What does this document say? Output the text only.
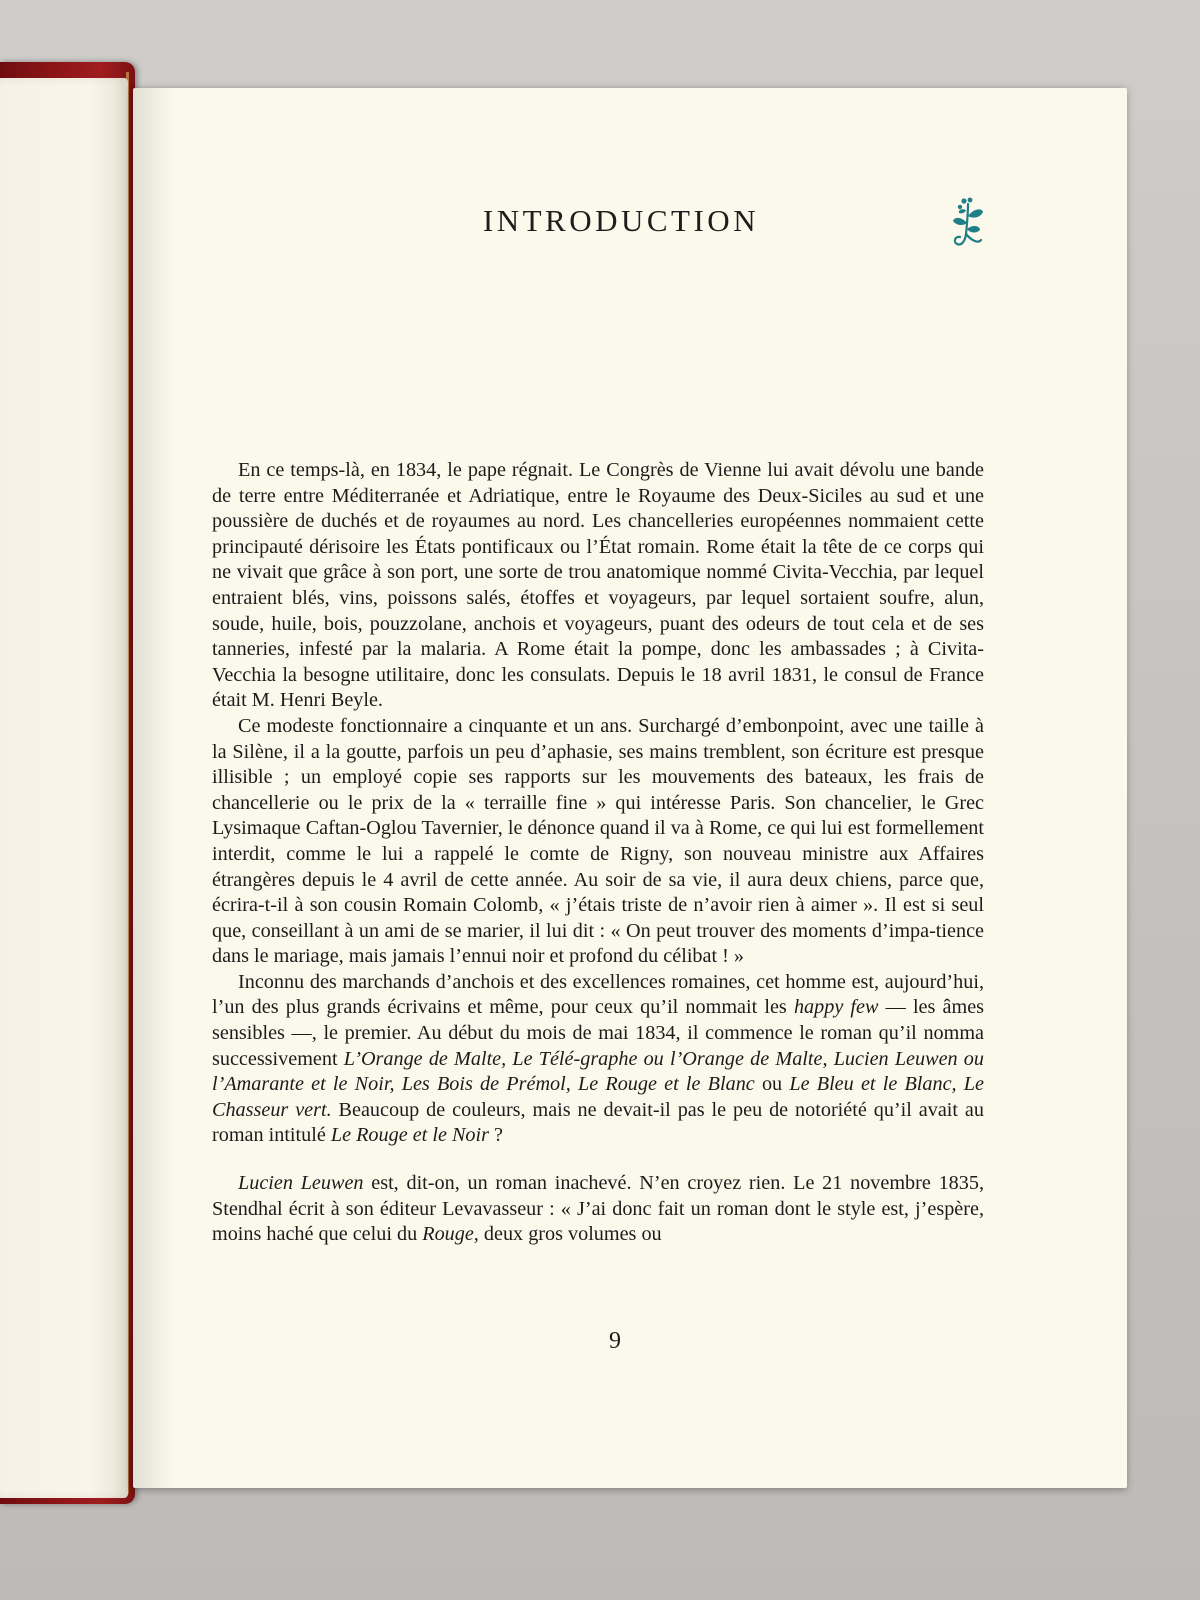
INTRODUCTION

En ce temps-là, en 1834, le pape régnait. Le Congrès de Vienne lui avait dévolu une bande de terre entre Méditerranée et Adriatique, entre le Royaume des Deux-Siciles au sud et une poussière de duchés et de royaumes au nord. Les chancelleries européennes nommaient cette principauté dérisoire les États pontificaux ou l’État romain. Rome était la tête de ce corps qui ne vivait que grâce à son port, une sorte de trou anatomique nommé Civita-Vecchia, par lequel entraient blés, vins, poissons salés, étoffes et voyageurs, par lequel sortaient soufre, alun, soude, huile, bois, pouzzolane, anchois et voyageurs, puant des odeurs de tout cela et de ses tanneries, infesté par la malaria. A Rome était la pompe, donc les ambassades ; à Civita-Vecchia la besogne utilitaire, donc les consulats. Depuis le 18 avril 1831, le consul de France était M. Henri Beyle.

Ce modeste fonctionnaire a cinquante et un ans. Surchargé d’embonpoint, avec une taille à la Silène, il a la goutte, parfois un peu d’aphasie, ses mains tremblent, son écriture est presque illisible ; un employé copie ses rapports sur les mouvements des bateaux, les frais de chancellerie ou le prix de la « terraille fine » qui intéresse Paris. Son chancelier, le Grec Lysimaque Caftan-Oglou Tavernier, le dénonce quand il va à Rome, ce qui lui est formellement interdit, comme le lui a rappelé le comte de Rigny, son nouveau ministre aux Affaires étrangères depuis le 4 avril de cette année. Au soir de sa vie, il aura deux chiens, parce que, écrira-t-il à son cousin Romain Colomb, « j’étais triste de n’avoir rien à aimer ». Il est si seul que, conseillant à un ami de se marier, il lui dit : « On peut trouver des moments d’impa-tience dans le mariage, mais jamais l’ennui noir et profond du célibat ! »

Inconnu des marchands d’anchois et des excellences romaines, cet homme est, aujourd’hui, l’un des plus grands écrivains et même, pour ceux qu’il nommait les happy few — les âmes sensibles —, le premier. Au début du mois de mai 1834, il commence le roman qu’il nomma successivement L’Orange de Malte, Le Télé-graphe ou l’Orange de Malte, Lucien Leuwen ou l’Amarante et le Noir, Les Bois de Prémol, Le Rouge et le Blanc ou Le Bleu et le Blanc, Le Chasseur vert. Beaucoup de couleurs, mais ne devait-il pas le peu de notoriété qu’il avait au roman intitulé Le Rouge et le Noir ?

Lucien Leuwen est, dit-on, un roman inachevé. N’en croyez rien. Le 21 novembre 1835, Stendhal écrit à son éditeur Levavasseur : « J’ai donc fait un roman dont le style est, j’espère, moins haché que celui du Rouge, deux gros volumes ou

9
